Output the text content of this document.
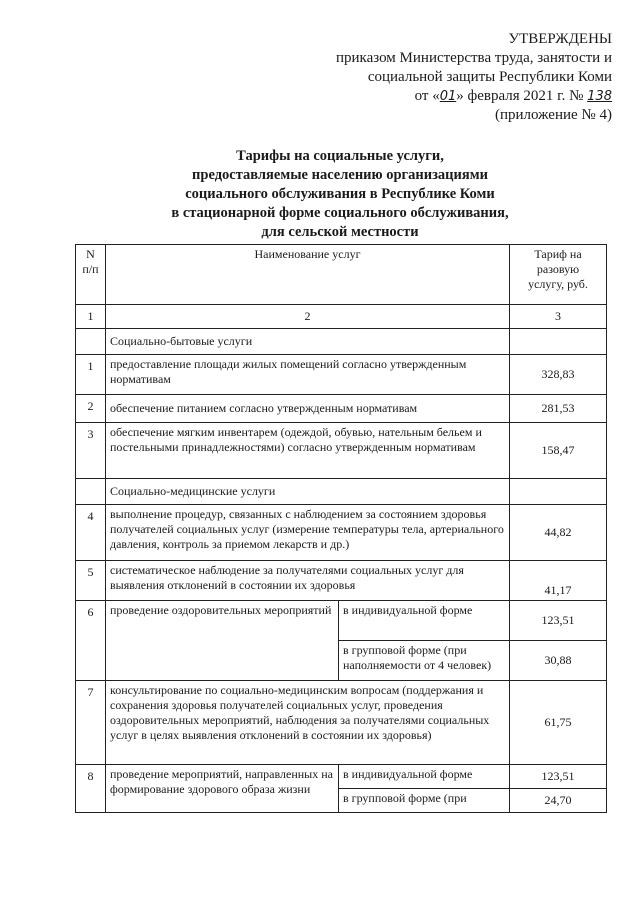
УТВЕРЖДЕНЫ
приказом Министерства труда, занятости и
социальной защиты Республики Коми
от «01» февраля 2021 г. № 138
(приложение № 4)
Тарифы на социальные услуги,
предоставляемые населению организациями
социального обслуживания в Республике Коми
в стационарной форме социального обслуживания,
для сельской местности
N
п/п	Наименование услуг		Тариф на
разовую
услугу, руб.
1	2		3
	Социально-бытовые услуги		
1	предоставление площади жилых помещений согласно утвержденным нормативам		328,83
2	обеспечение питанием согласно утвержденным нормативам		281,53
3	обеспечение мягким инвентарем (одеждой, обувью, нательным бельем и постельными принадлежностями) согласно утвержденным нормативам		158,47
	Социально-медицинские услуги		
4	выполнение процедур, связанных с наблюдением за состоянием здоровья получателей социальных услуг (измерение температуры тела, артериального давления, контроль за приемом лекарств и др.)		44,82
5	систематическое наблюдение за получателями социальных услуг для выявления отклонений в состоянии их здоровья		41,17
6	проведение оздоровительных мероприятий	в индивидуальной форме	123,51
		в групповой форме (при наполняемости от 4 человек)	30,88
7	консультирование по социально-медицинским вопросам (поддержания и сохранения здоровья получателей социальных услуг, проведения оздоровительных мероприятий, наблюдения за получателями социальных услуг в целях выявления отклонений в состоянии их здоровья)		61,75
8	проведение мероприятий, направленных на формирование здорового образа жизни	в индивидуальной форме	123,51
		в групповой форме (при	24,70
